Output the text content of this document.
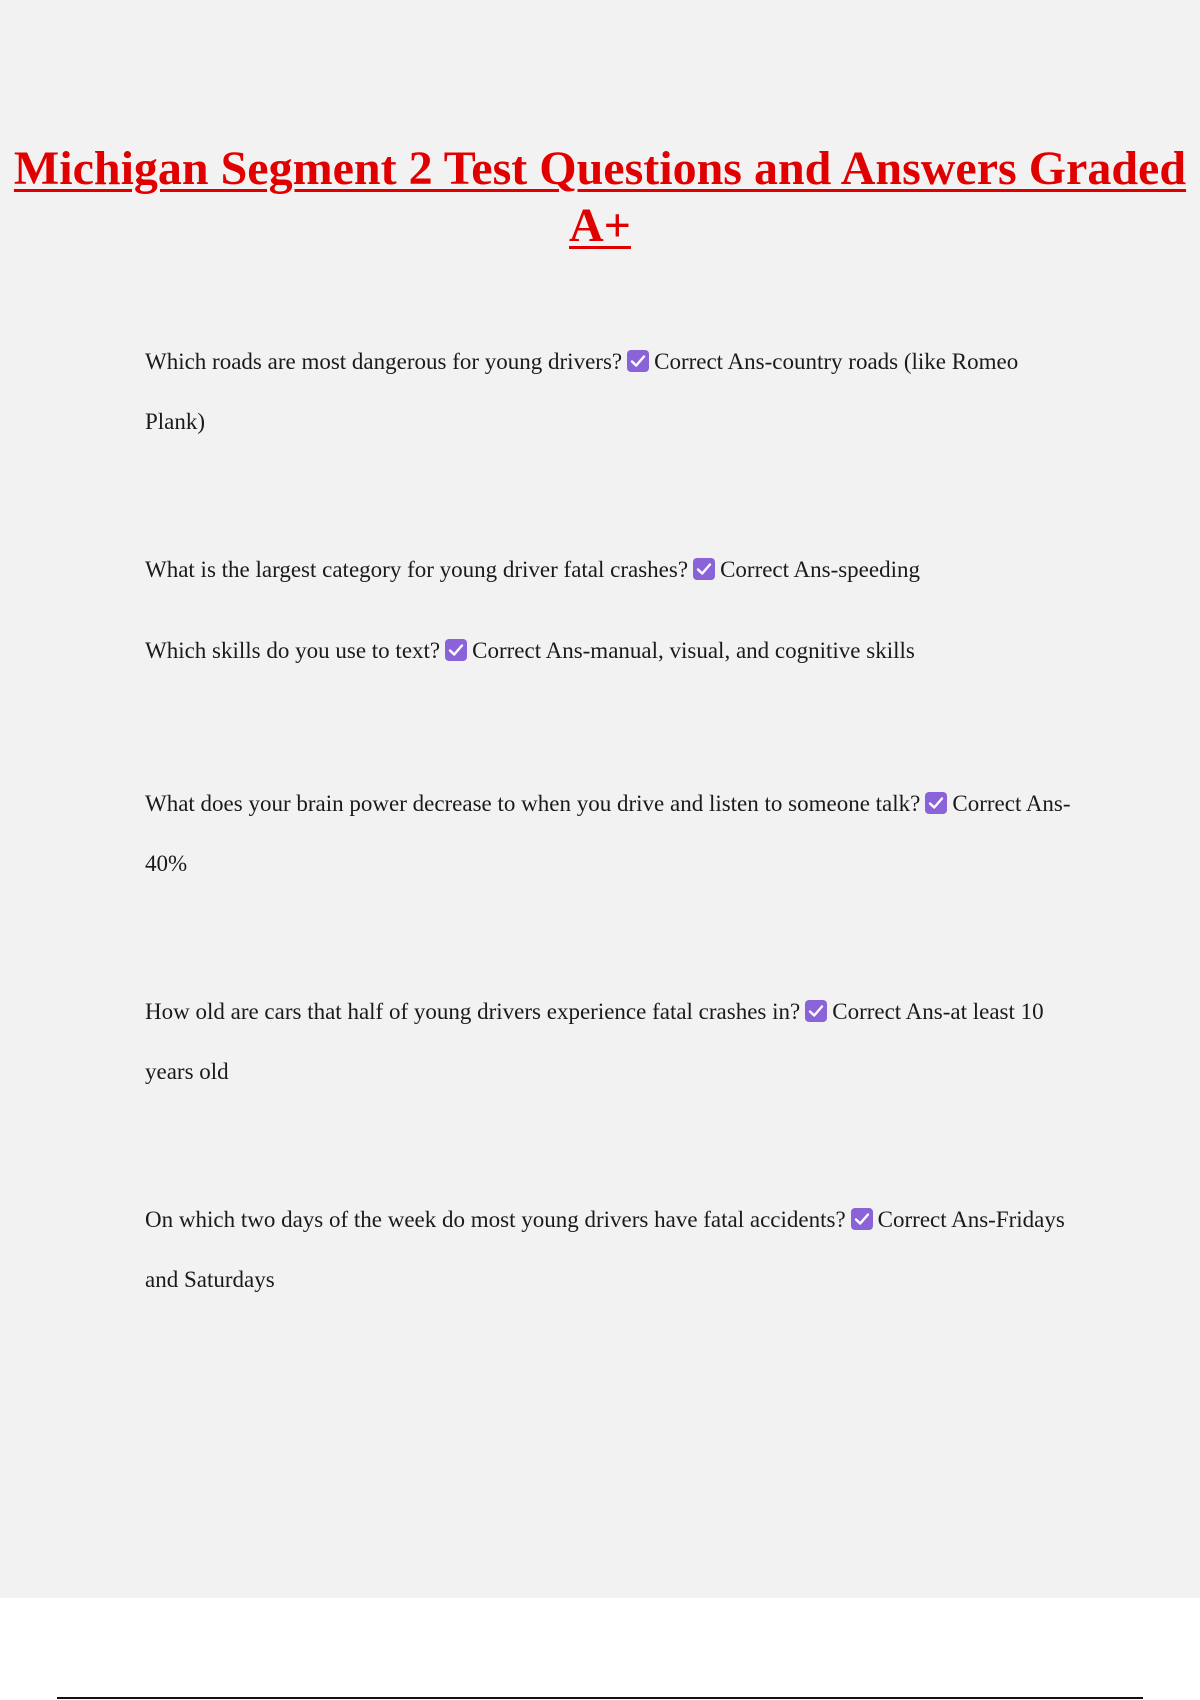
Michigan Segment 2 Test Questions and Answers Graded A+

Which roads are most dangerous for young drivers? Correct Ans-country roads (like Romeo Plank)

What is the largest category for young driver fatal crashes? Correct Ans-speeding

Which skills do you use to text? Correct Ans-manual, visual, and cognitive skills

What does your brain power decrease to when you drive and listen to someone talk? Correct Ans-40%

How old are cars that half of young drivers experience fatal crashes in? Correct Ans-at least 10 years old

On which two days of the week do most young drivers have fatal accidents? Correct Ans-Fridays and Saturdays
